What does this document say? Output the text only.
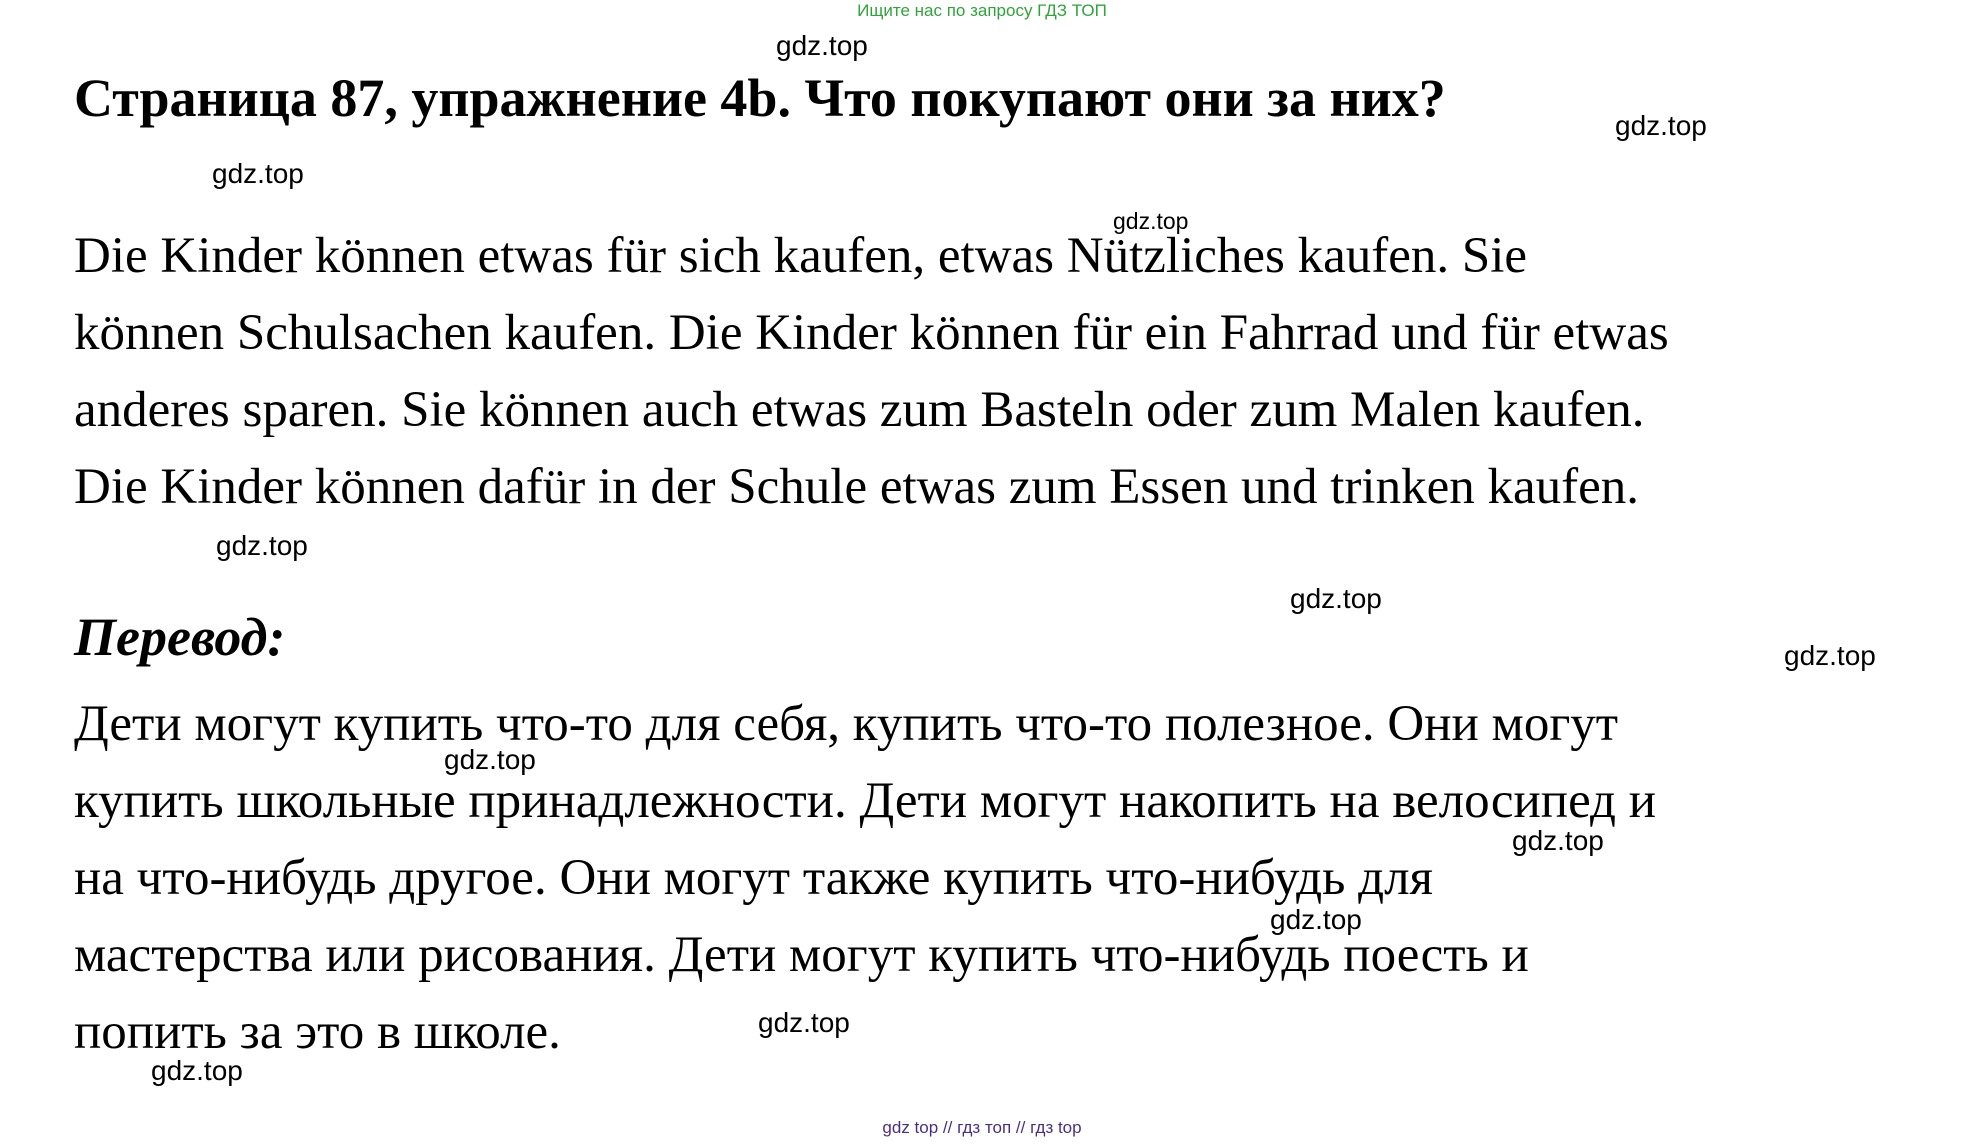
Ищите нас по запросу ГДЗ ТОП
Страница 87, упражнение 4b. Что покупают они за них?
Die Kinder können etwas für sich kaufen, etwas Nützliches kaufen. Sie
können Schulsachen kaufen. Die Kinder können für ein Fahrrad und für etwas
anderes sparen. Sie können auch etwas zum Basteln oder zum Malen kaufen.
Die Kinder können dafür in der Schule etwas zum Essen und trinken kaufen.
Перевод:
Дети могут купить что-то для себя, купить что-то полезное. Они могут
купить школьные принадлежности. Дети могут накопить на велосипед и
на что-нибудь другое. Они могут также купить что-нибудь для
мастерства или рисования. Дети могут купить что-нибудь поесть и
попить за это в школе.
gdz.top
gdz.top
gdz.top
gdz.top
gdz.top
gdz.top
gdz.top
gdz.top
gdz.top
gdz.top
gdz.top
gdz.top
gdz top // гдз топ // гдз top
